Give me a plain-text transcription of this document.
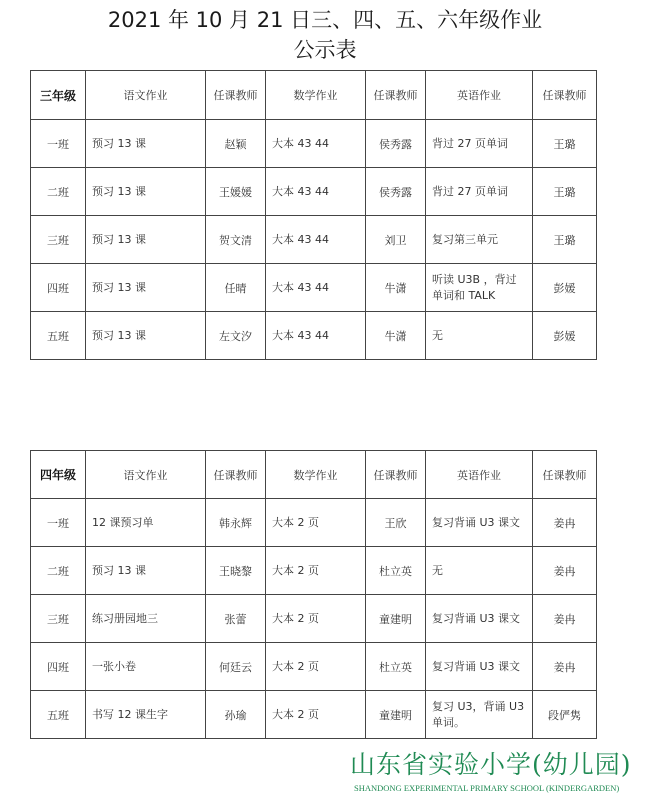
2021 年 10 月 21 日三、四、五、六年级作业
公示表
三年级	语文作业	任课教师	数学作业	任课教师	英语作业	任课教师
一班	预习 13 课	赵颖	大本 43 44	侯秀露	背过 27 页单词	王璐
二班	预习 13 课	王媛媛	大本 43 44	侯秀露	背过 27 页单词	王璐
三班	预习 13 课	贺文清	大本 43 44	刘卫	复习第三单元	王璐
四班	预习 13 课	任晴	大本 43 44	牛潇	听读 U3B ，背过单词和 TALK	彭媛
五班	预习 13 课	左文汐	大本 43 44	牛潇	无	彭媛
四年级	语文作业	任课教师	数学作业	任课教师	英语作业	任课教师
一班	12 课预习单	韩永辉	大本 2 页	王欣	复习背诵 U3 课文	姜冉
二班	预习 13 课	王晓黎	大本 2 页	杜立英	无	姜冉
三班	练习册园地三	张蕾	大本 2 页	童建明	复习背诵 U3 课文	姜冉
四班	一张小卷	何廷云	大本 2 页	杜立英	复习背诵 U3 课文	姜冉
五班	书写 12 课生字	孙瑜	大本 2 页	童建明	复习 U3，背诵 U3 单词。	段俨隽
山东省实验小学(幼儿园)
SHANDONG EXPERIMENTAL PRIMARY SCHOOL (KINDERGARDEN)
